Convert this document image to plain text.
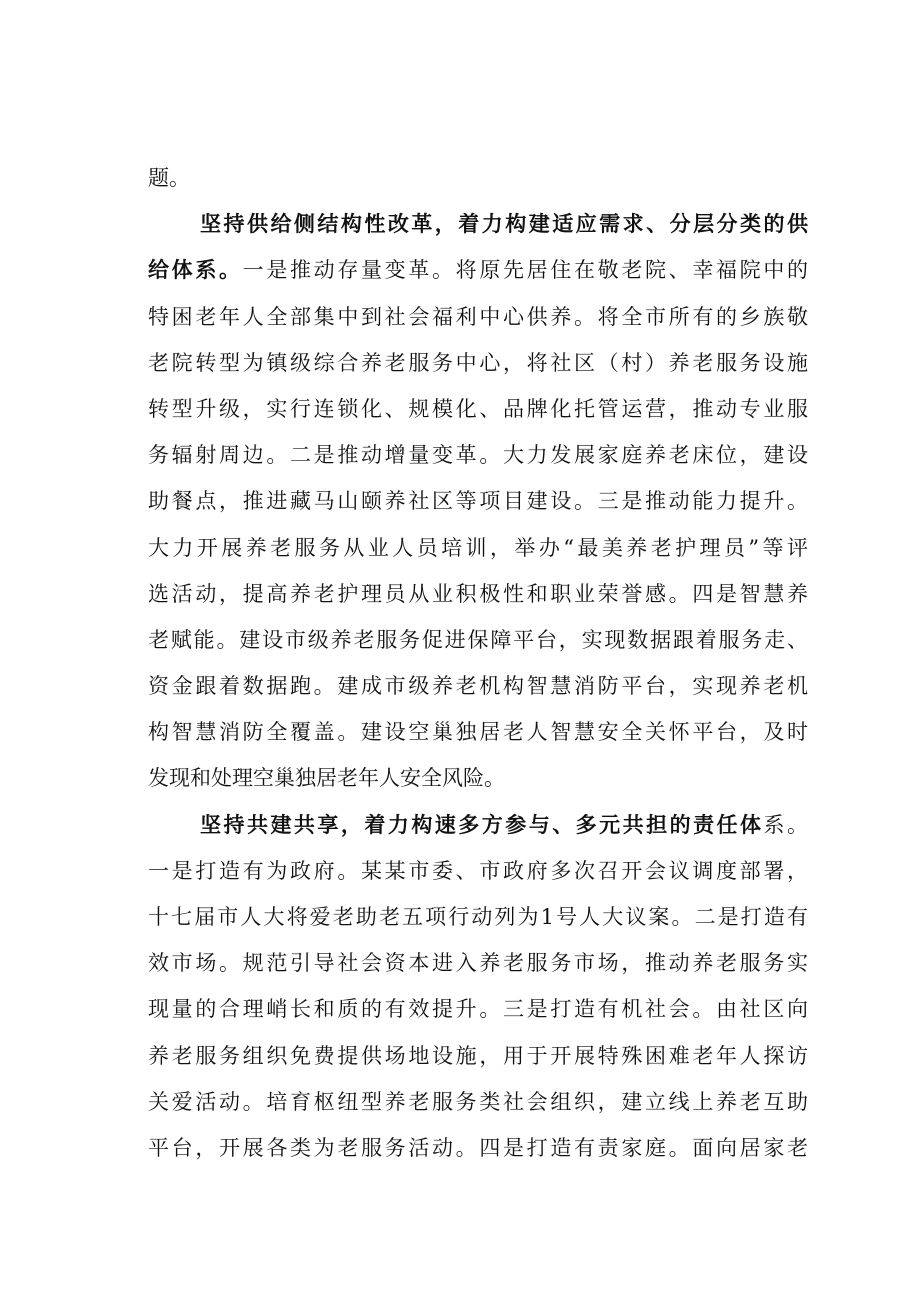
题。
坚持供给侧结构性改革，着力构建适应需求、分层分类的供
给体系。一是推动存量变革。将原先居住在敬老院、幸福院中的
特困老年人全部集中到社会福利中心供养。将全市所有的乡族敬
老院转型为镇级综合养老服务中心，将社区（村）养老服务设施
转型升级，实行连锁化、规模化、品牌化托管运营，推动专业服
务辐射周边。二是推动增量变革。大力发展家庭养老床位，建设
助餐点，推进藏马山颐养社区等项目建设。三是推动能力提升。
大力开展养老服务从业人员培训，举办“最美养老护理员”等评
选活动，提高养老护理员从业积极性和职业荣誉感。四是智慧养
老赋能。建设市级养老服务促进保障平台，实现数据跟着服务走、
资金跟着数据跑。建成市级养老机构智慧消防平台，实现养老机
构智慧消防全覆盖。建设空巢独居老人智慧安全关怀平台，及时
发现和处理空巢独居老年人安全风险。
坚持共建共享，着力构速多方参与、多元共担的责任体系。
一是打造有为政府。某某市委、市政府多次召开会议调度部署，
十七届市人大将爱老助老五项行动列为1号人大议案。二是打造有
效市场。规范引导社会资本进入养老服务市场，推动养老服务实
现量的合理峭长和质的有效提升。三是打造有机社会。由社区向
养老服务组织免费提供场地设施，用于开展特殊困难老年人探访
关爱活动。培育枢纽型养老服务类社会组织，建立线上养老互助
平台，开展各类为老服务活动。四是打造有责家庭。面向居家老
